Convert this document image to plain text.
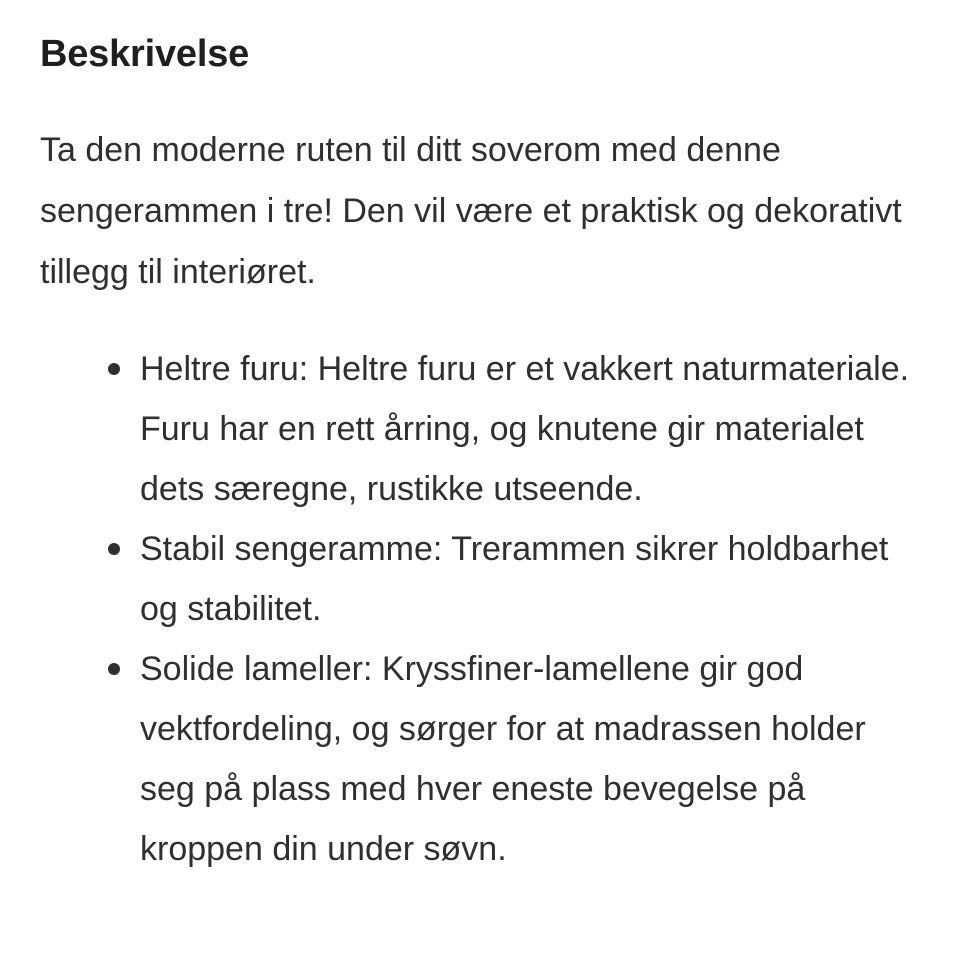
Beskrivelse

Ta den moderne ruten til ditt soverom med denne sengerammen i tre! Den vil være et praktisk og dekorativt tillegg til interiøret.

Heltre furu: Heltre furu er et vakkert naturmateriale. Furu har en rett årring, og knutene gir materialet dets særegne, rustikke utseende.
Stabil sengeramme: Trerammen sikrer holdbarhet og stabilitet.
Solide lameller: Kryssfiner-lamellene gir god vektfordeling, og sørger for at madrassen holder seg på plass med hver eneste bevegelse på kroppen din under søvn.
